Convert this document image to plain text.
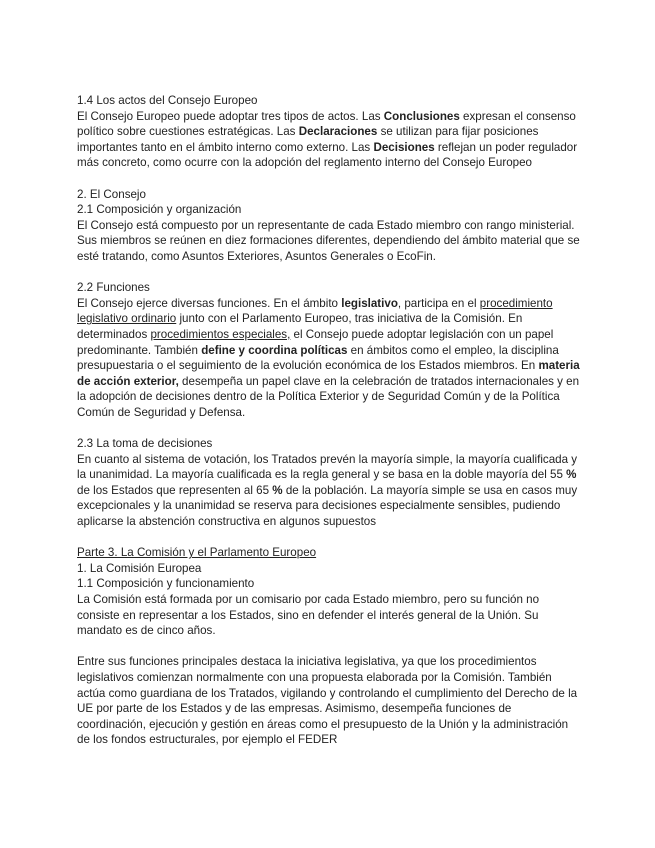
1.4 Los actos del Consejo Europeo

El Consejo Europeo puede adoptar tres tipos de actos. Las Conclusiones expresan el consenso político sobre cuestiones estratégicas. Las Declaraciones se utilizan para fijar posiciones importantes tanto en el ámbito interno como externo. Las Decisiones reflejan un poder regulador más concreto, como ocurre con la adopción del reglamento interno del Consejo Europeo

2. El Consejo

2.1 Composición y organización

El Consejo está compuesto por un representante de cada Estado miembro con rango ministerial. Sus miembros se reúnen en diez formaciones diferentes, dependiendo del ámbito material que se esté tratando, como Asuntos Exteriores, Asuntos Generales o EcoFin.

2.2 Funciones

El Consejo ejerce diversas funciones. En el ámbito legislativo, participa en el procedimiento legislativo ordinario junto con el Parlamento Europeo, tras iniciativa de la Comisión. En determinados procedimientos especiales, el Consejo puede adoptar legislación con un papel predominante. También define y coordina políticas en ámbitos como el empleo, la disciplina presupuestaria o el seguimiento de la evolución económica de los Estados miembros. En materia de acción exterior, desempeña un papel clave en la celebración de tratados internacionales y en la adopción de decisiones dentro de la Política Exterior y de Seguridad Común y de la Política Común de Seguridad y Defensa.

2.3 La toma de decisiones

En cuanto al sistema de votación, los Tratados prevén la mayoría simple, la mayoría cualificada y la unanimidad. La mayoría cualificada es la regla general y se basa en la doble mayoría del 55 % de los Estados que representen al 65 % de la población. La mayoría simple se usa en casos muy excepcionales y la unanimidad se reserva para decisiones especialmente sensibles, pudiendo aplicarse la abstención constructiva en algunos supuestos

Parte 3. La Comisión y el Parlamento Europeo

1. La Comisión Europea

1.1 Composición y funcionamiento

La Comisión está formada por un comisario por cada Estado miembro, pero su función no consiste en representar a los Estados, sino en defender el interés general de la Unión. Su mandato es de cinco años.

Entre sus funciones principales destaca la iniciativa legislativa, ya que los procedimientos legislativos comienzan normalmente con una propuesta elaborada por la Comisión. También actúa como guardiana de los Tratados, vigilando y controlando el cumplimiento del Derecho de la UE por parte de los Estados y de las empresas. Asimismo, desempeña funciones de coordinación, ejecución y gestión en áreas como el presupuesto de la Unión y la administración de los fondos estructurales, por ejemplo el FEDER
